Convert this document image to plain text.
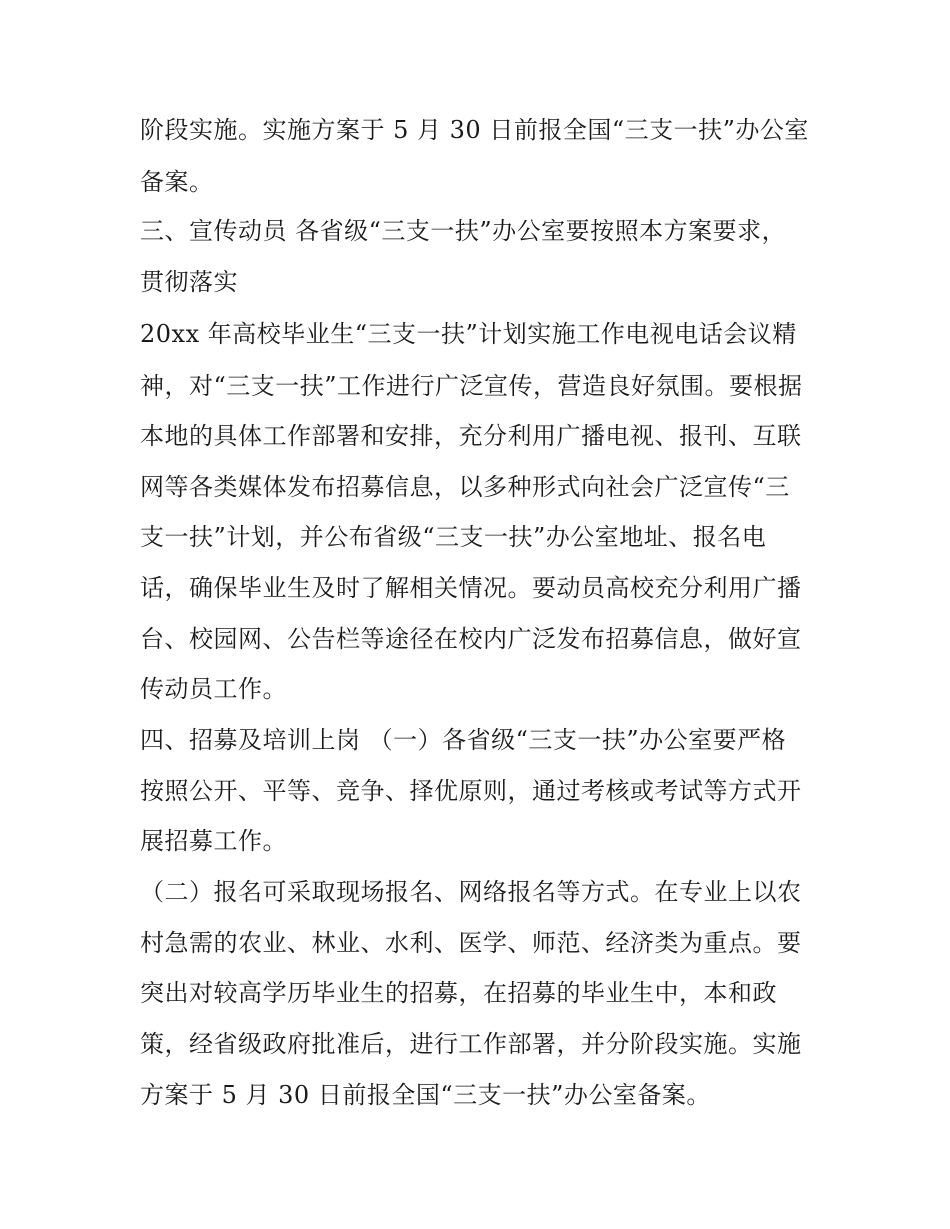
阶段实施。实施方案于 5 月 30 日前报全国“三支一扶”办公室

备案。

三、宣传动员 各省级“三支一扶”办公室要按照本方案要求，

贯彻落实

20xx 年高校毕业生“三支一扶”计划实施工作电视电话会议精

神，对“三支一扶”工作进行广泛宣传，营造良好氛围。要根据

本地的具体工作部署和安排，充分利用广播电视、报刊、互联

网等各类媒体发布招募信息，以多种形式向社会广泛宣传“三

支一扶”计划，并公布省级“三支一扶”办公室地址、报名电

话，确保毕业生及时了解相关情况。要动员高校充分利用广播

台、校园网、公告栏等途径在校内广泛发布招募信息，做好宣

传动员工作。

四、招募及培训上岗 （一）各省级“三支一扶”办公室要严格

按照公开、平等、竞争、择优原则，通过考核或考试等方式开

展招募工作。

（二）报名可采取现场报名、网络报名等方式。在专业上以农

村急需的农业、林业、水利、医学、师范、经济类为重点。要

突出对较高学历毕业生的招募，在招募的毕业生中，本和政

策，经省级政府批准后，进行工作部署，并分阶段实施。实施

方案于 5 月 30 日前报全国“三支一扶”办公室备案。
